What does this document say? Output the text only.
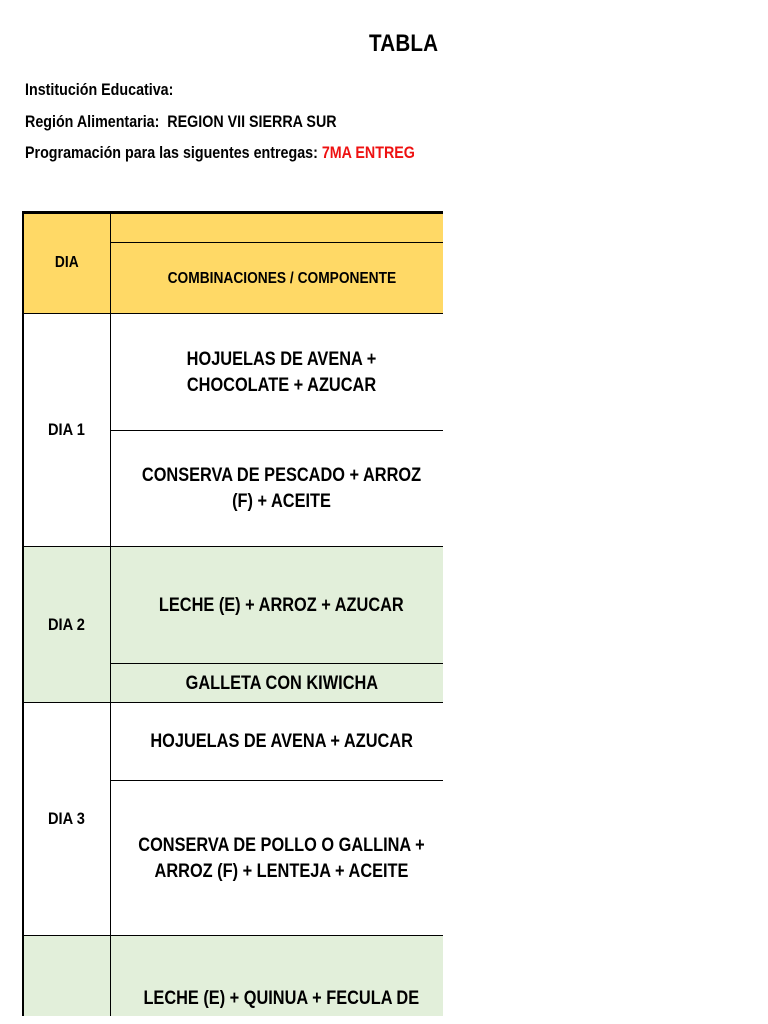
TABLA
Institución Educativa:
Región Alimentaria: REGION VII SIERRA SUR
Programación para las siguentes entregas: 7MA ENTREG
DIA
COMBINACIONES / COMPONENTE
DIA 1
HOJUELAS DE AVENA + CHOCOLATE + AZUCAR
CONSERVA DE PESCADO + ARROZ (F) + ACEITE
DIA 2
LECHE (E) + ARROZ + AZUCAR
GALLETA CON KIWICHA
DIA 3
HOJUELAS DE AVENA + AZUCAR
CONSERVA DE POLLO O GALLINA + ARROZ (F) + LENTEJA + ACEITE
LECHE (E) + QUINUA + FECULA DE
